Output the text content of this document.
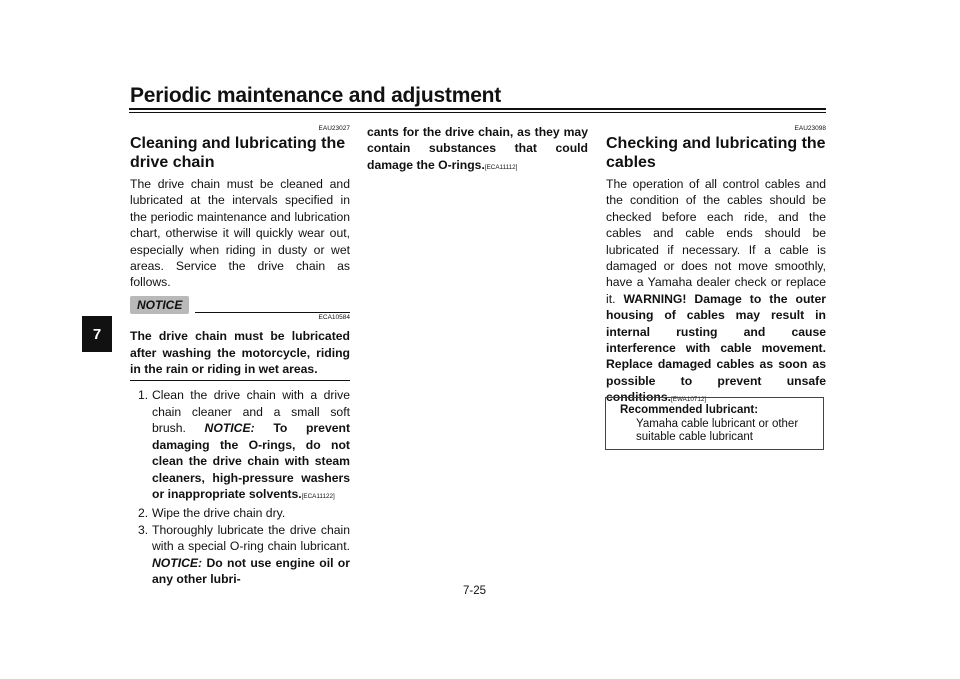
Periodic maintenance and adjustment
7
EAU23027
Cleaning and lubricating the drive chain

The drive chain must be cleaned and lubricated at the intervals specified in the periodic maintenance and lubrication chart, otherwise it will quickly wear out, especially when riding in dusty or wet areas. Service the drive chain as follows.

NOTICE
ECA10584
The drive chain must be lubricated after washing the motorcycle, riding in the rain or riding in wet areas.
1. Clean the drive chain with a drive chain cleaner and a small soft brush. NOTICE: To prevent damaging the O-rings, do not clean the drive chain with steam cleaners, high-pressure washers or inappropriate solvents.[ECA11122]
2. Wipe the drive chain dry.
3. Thoroughly lubricate the drive chain with a special O-ring chain lubricant. NOTICE: Do not use engine oil or any other lubri-

cants for the drive chain, as they may contain substances that could damage the O-rings.[ECA11112]

EAU23098
Checking and lubricating the cables

The operation of all control cables and the condition of the cables should be checked before each ride, and the cables and cable ends should be lubricated if necessary. If a cable is damaged or does not move smoothly, have a Yamaha dealer check or replace it. WARNING! Damage to the outer housing of cables may result in internal rusting and cause interference with cable movement. Replace damaged cables as soon as possible to prevent unsafe conditions.[EWA10712]

Recommended lubricant:
Yamaha cable lubricant or other suitable cable lubricant
7-25
